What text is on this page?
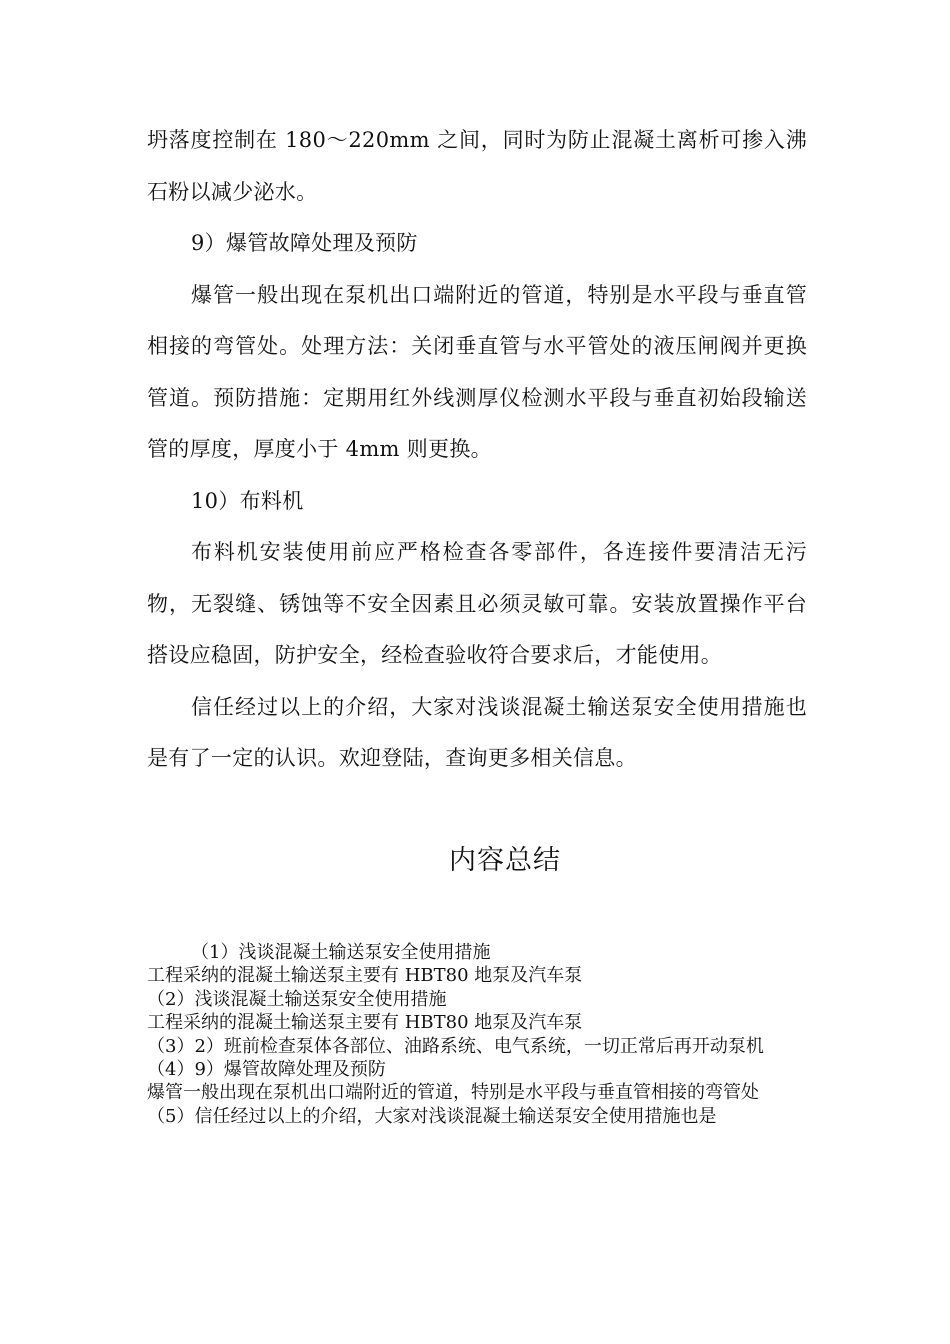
坍落度控制在 180～220mm 之间，同时为防止混凝土离析可掺入沸石粉以减少泌水。

9）爆管故障处理及预防

爆管一般出现在泵机出口端附近的管道，特别是水平段与垂直管相接的弯管处。处理方法：关闭垂直管与水平管处的液压闸阀并更换管道。预防措施：定期用红外线测厚仪检测水平段与垂直初始段输送管的厚度，厚度小于 4mm 则更换。

10）布料机

布料机安装使用前应严格检查各零部件，各连接件要清洁无污物，无裂缝、锈蚀等不安全因素且必须灵敏可靠。安装放置操作平台搭设应稳固，防护安全，经检查验收符合要求后，才能使用。

信任经过以上的介绍，大家对浅谈混凝土输送泵安全使用措施也是有了一定的认识。欢迎登陆，查询更多相关信息。

内容总结

（1）浅谈混凝土输送泵安全使用措施

工程采纳的混凝土输送泵主要有 HBT80 地泵及汽车泵

（2）浅谈混凝土输送泵安全使用措施

工程采纳的混凝土输送泵主要有 HBT80 地泵及汽车泵

（3）2）班前检查泵体各部位、油路系统、电气系统，一切正常后再开动泵机

（4）9）爆管故障处理及预防

爆管一般出现在泵机出口端附近的管道，特别是水平段与垂直管相接的弯管处

（5）信任经过以上的介绍，大家对浅谈混凝土输送泵安全使用措施也是
